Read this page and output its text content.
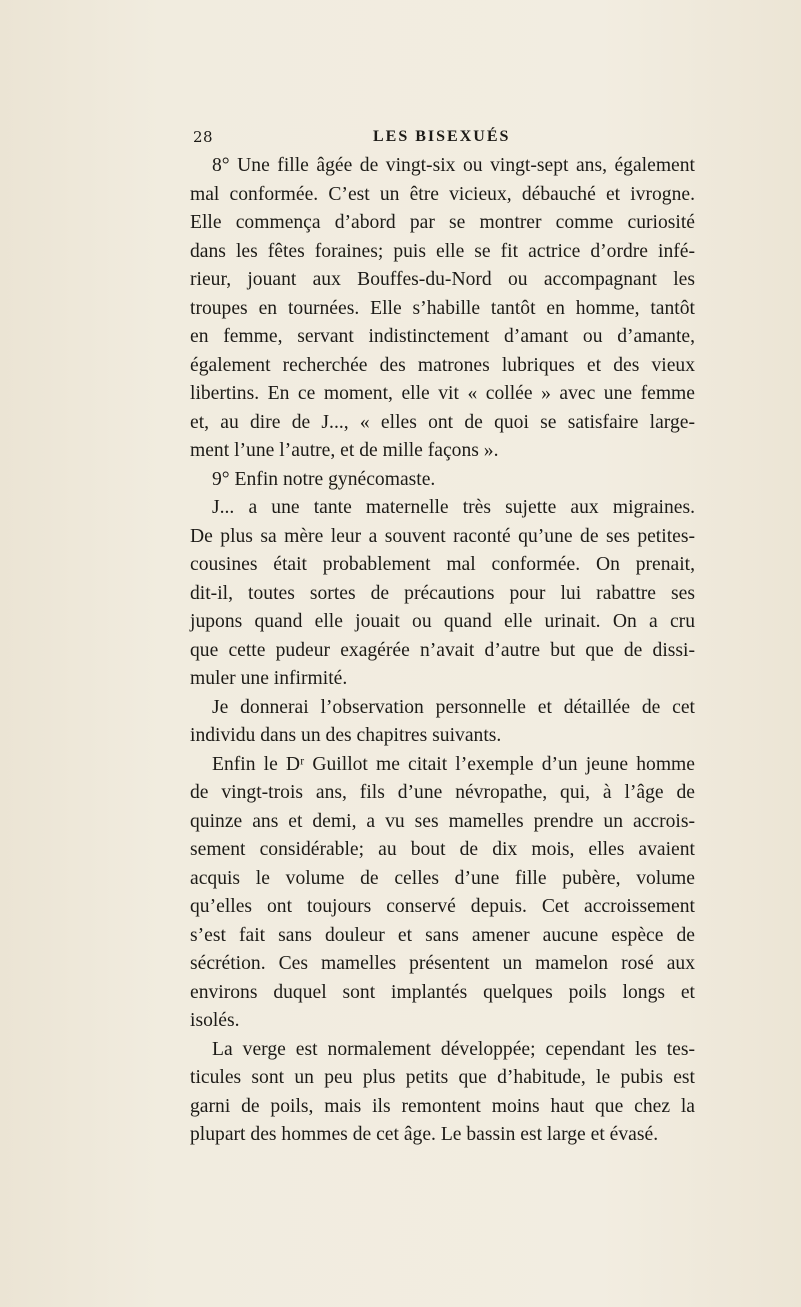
28	LES BISEXUÉS
8° Une fille âgée de vingt-six ou vingt-sept ans, également
mal conformée. C’est un être vicieux, débauché et ivrogne.
Elle commença d’abord par se montrer comme curiosité
dans les fêtes foraines; puis elle se fit actrice d’ordre infé-
rieur, jouant aux Bouffes-du-Nord ou accompagnant les
troupes en tournées. Elle s’habille tantôt en homme, tantôt
en femme, servant indistinctement d’amant ou d’amante,
également recherchée des matrones lubriques et des vieux
libertins. En ce moment, elle vit « collée » avec une femme
et, au dire de J..., « elles ont de quoi se satisfaire large-
ment l’une l’autre, et de mille façons ».
9° Enfin notre gynécomaste.
J... a une tante maternelle très sujette aux migraines.
De plus sa mère leur a souvent raconté qu’une de ses petites-
cousines était probablement mal conformée. On prenait,
dit-il, toutes sortes de précautions pour lui rabattre ses
jupons quand elle jouait ou quand elle urinait. On a cru
que cette pudeur exagérée n’avait d’autre but que de dissi-
muler une infirmité.
Je donnerai l’observation personnelle et détaillée de cet
individu dans un des chapitres suivants.
Enfin le Dʳ Guillot me citait l’exemple d’un jeune homme
de vingt-trois ans, fils d’une névropathe, qui, à l’âge de
quinze ans et demi, a vu ses mamelles prendre un accrois-
sement considérable; au bout de dix mois, elles avaient
acquis le volume de celles d’une fille pubère, volume
qu’elles ont toujours conservé depuis. Cet accroissement
s’est fait sans douleur et sans amener aucune espèce de
sécrétion. Ces mamelles présentent un mamelon rosé aux
environs duquel sont implantés quelques poils longs et
isolés.
La verge est normalement développée; cependant les tes-
ticules sont un peu plus petits que d’habitude, le pubis est
garni de poils, mais ils remontent moins haut que chez la
plupart des hommes de cet âge. Le bassin est large et évasé.
